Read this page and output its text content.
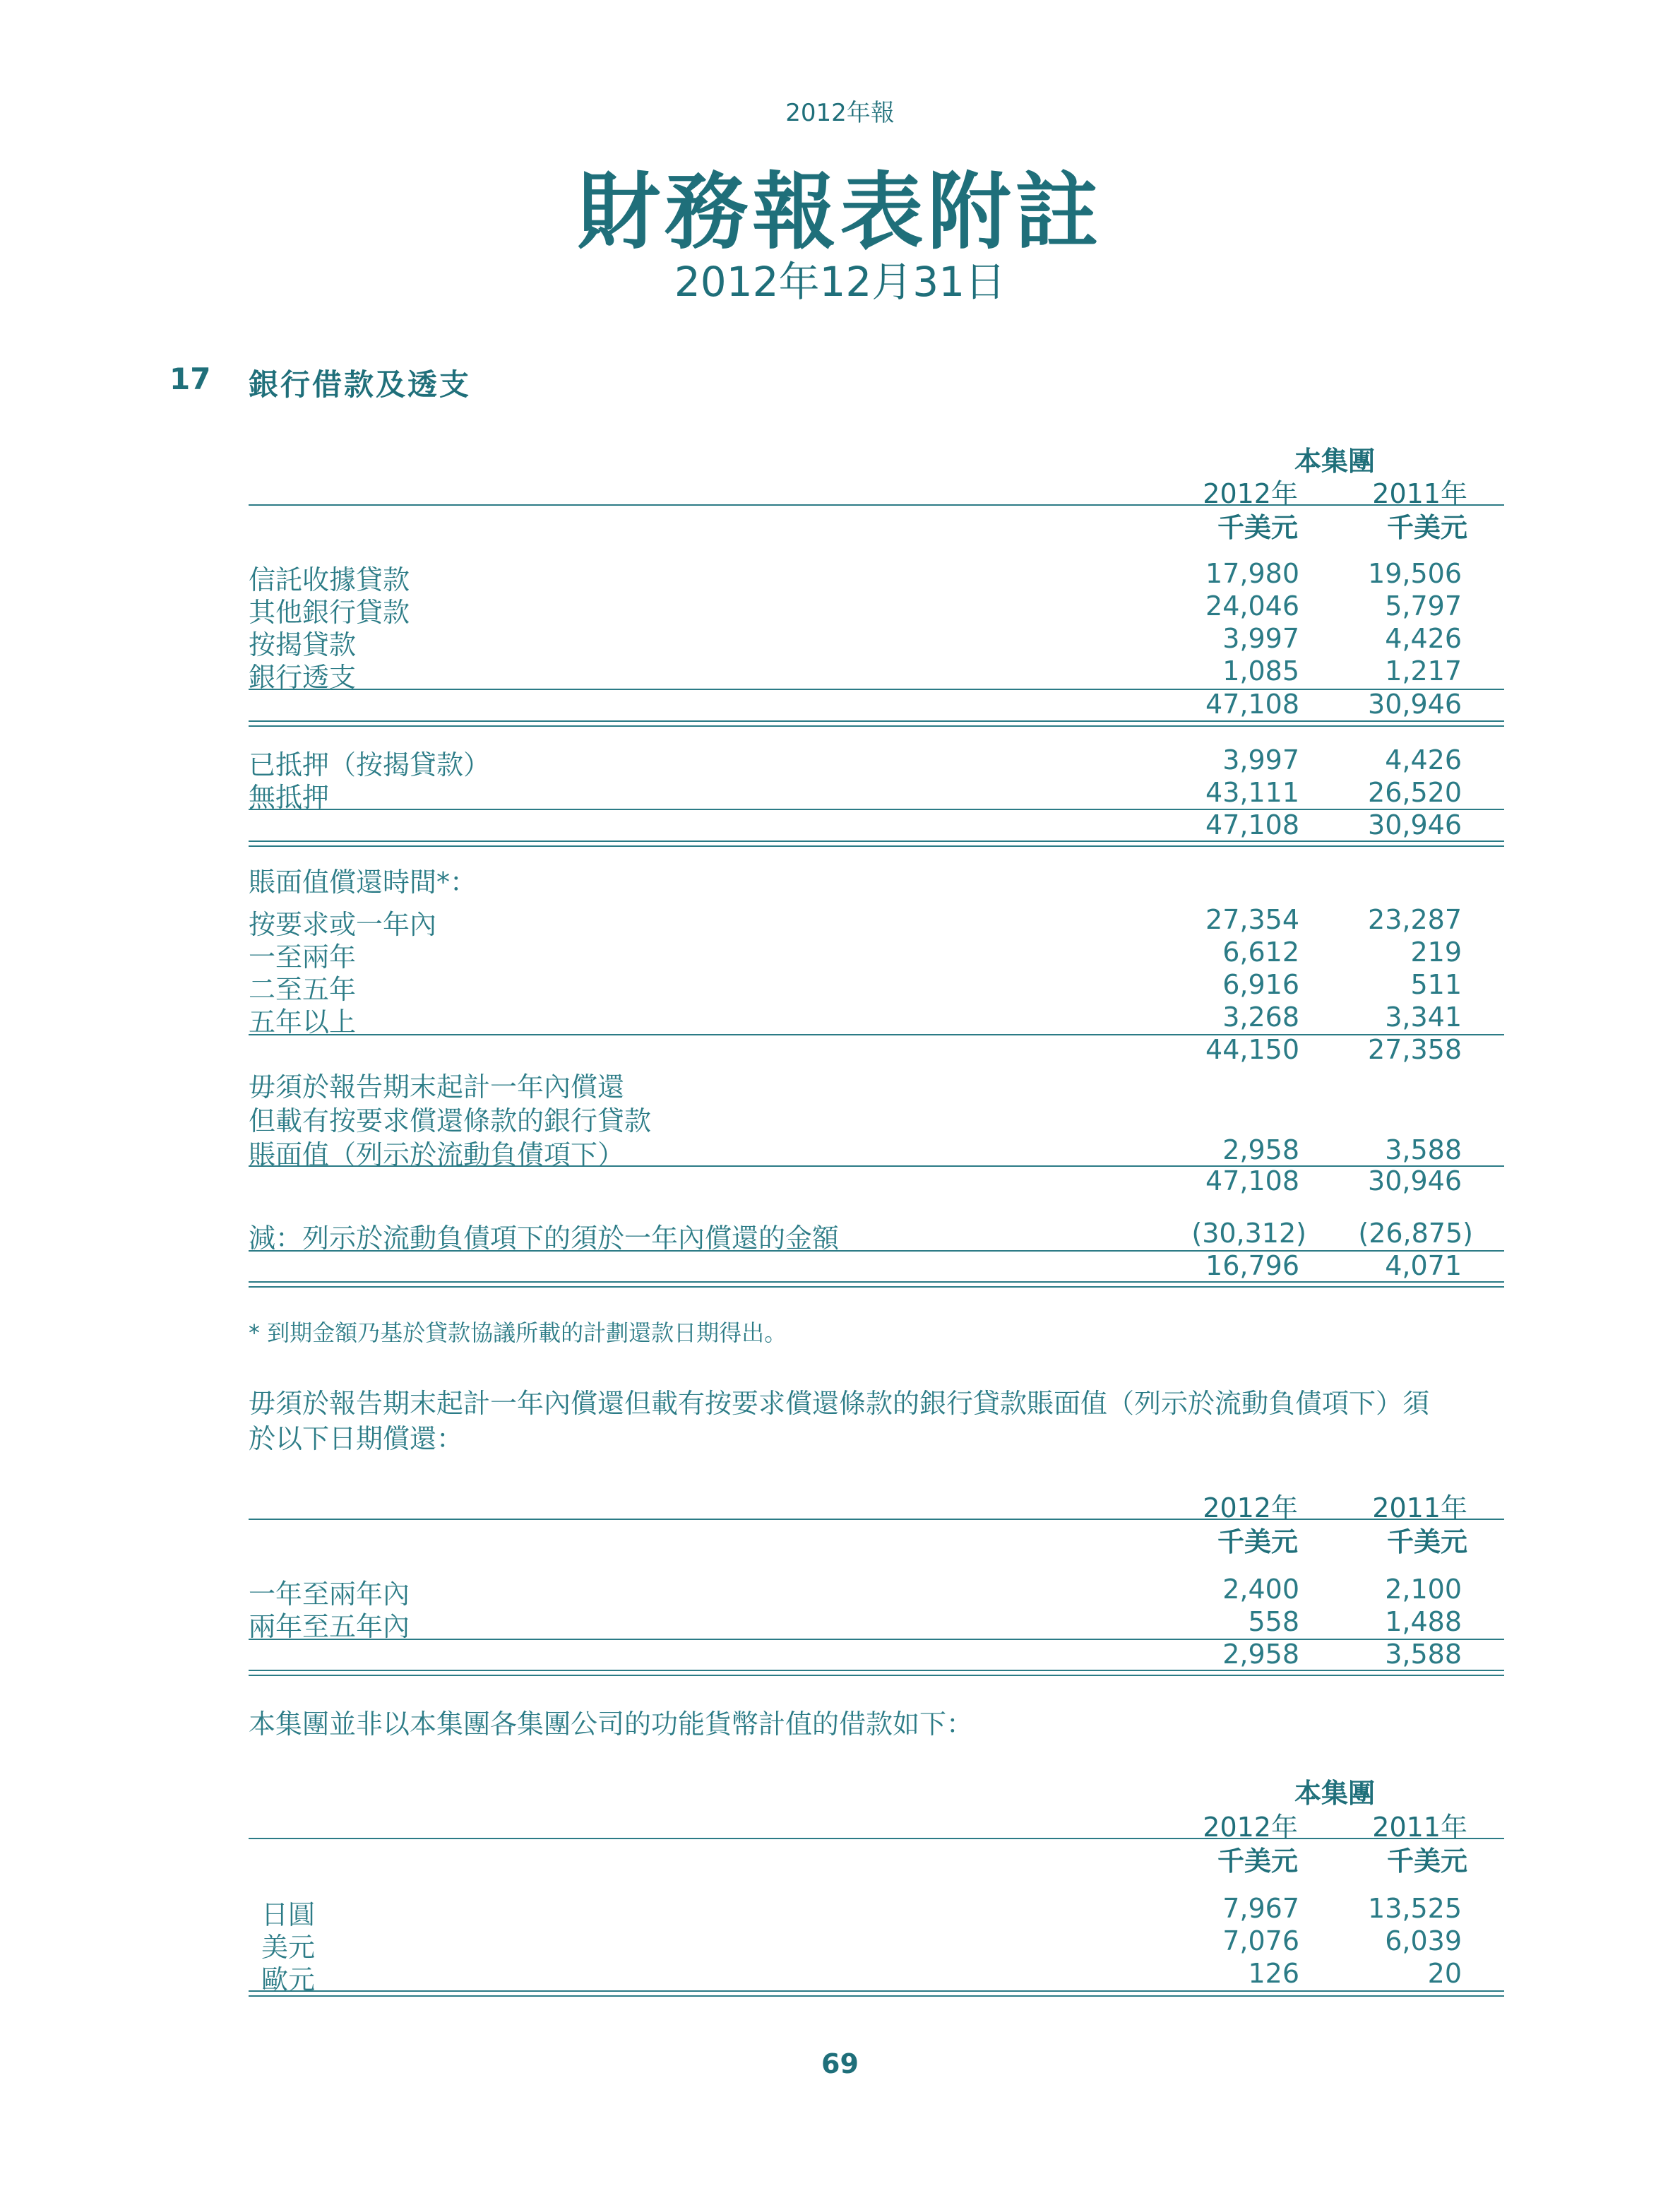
2012年報
財務報表附註
2012年12月31日
17 銀行借款及透支
本集團
2012年	2011年
千美元	千美元
信託收據貸款	17,980	19,506
其他銀行貸款	24,046	5,797
按揭貸款	3,997	4,426
銀行透支	1,085	1,217
47,108	30,946
已抵押（按揭貸款）	3,997	4,426
無抵押	43,111	26,520
47,108	30,946
賬面值償還時間*：
按要求或一年內	27,354	23,287
一至兩年	6,612	219
二至五年	6,916	511
五年以上	3,268	3,341
44,150	27,358
毋須於報告期末起計一年內償還
但載有按要求償還條款的銀行貸款
賬面值（列示於流動負債項下）	2,958	3,588
47,108	30,946
減：列示於流動負債項下的須於一年內償還的金額	(30,312)	(26,875)
16,796	4,071
* 到期金額乃基於貸款協議所載的計劃還款日期得出。
毋須於報告期末起計一年內償還但載有按要求償還條款的銀行貸款賬面值（列示於流動負債項下）須
於以下日期償還：
2012年	2011年
千美元	千美元
一年至兩年內	2,400	2,100
兩年至五年內	558	1,488
2,958	3,588
本集團並非以本集團各集團公司的功能貨幣計值的借款如下：
本集團
2012年	2011年
千美元	千美元
日圓	7,967	13,525
美元	7,076	6,039
歐元	126	20
69
